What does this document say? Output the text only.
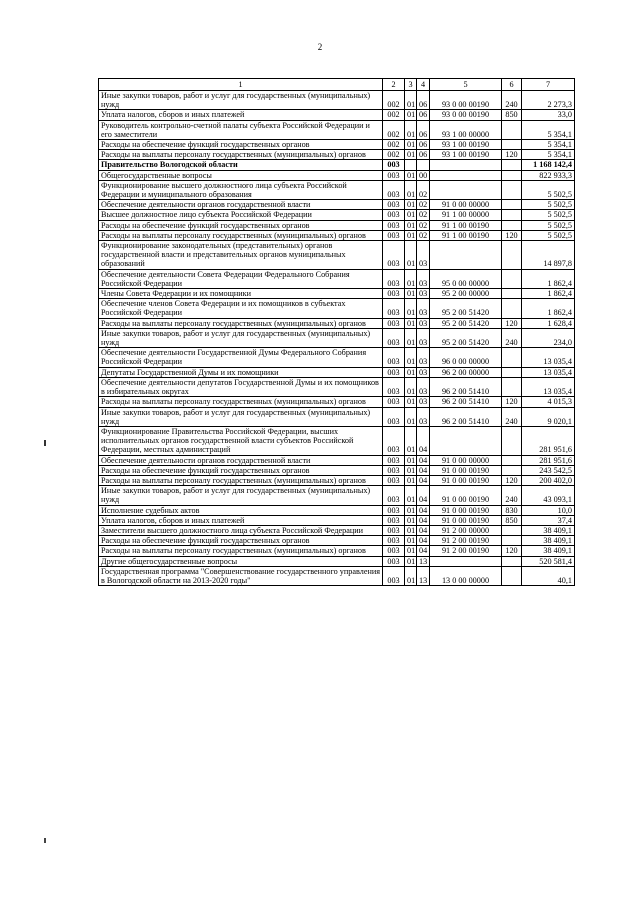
2
1	2	3	4	5	6	7
Иные закупки товаров, работ и услуг для государственных (муниципальных) нужд	002	01	06	93 0 00 00190	240	2 273,3
Уплата налогов, сборов и иных платежей	002	01	06	93 0 00 00190	850	33,0
Руководитель контрольно-счетной палаты субъекта Российской Федерации и его заместители	002	01	06	93 1 00 00000		5 354,1
Расходы на обеспечение функций государственных органов	002	01	06	93 1 00 00190		5 354,1
Расходы на выплаты персоналу государственных (муниципальных) органов	002	01	06	93 1 00 00190	120	5 354,1
Правительство Вологодской области	003					1 168 142,4
Общегосударственные вопросы	003	01	00			822 933,3
Функционирование высшего должностного лица субъекта Российской Федерации и муниципального образования	003	01	02			5 502,5
Обеспечение деятельности органов государственной власти	003	01	02	91 0 00 00000		5 502,5
Высшее должностное лицо субъекта Российской Федерации	003	01	02	91 1 00 00000		5 502,5
Расходы на обеспечение функций государственных органов	003	01	02	91 1 00 00190		5 502,5
Расходы на выплаты персоналу государственных (муниципальных) органов	003	01	02	91 1 00 00190	120	5 502,5
Функционирование законодательных (представительных) органов государственной власти и представительных органов муниципальных образований	003	01	03			14 897,8
Обеспечение деятельности Совета Федерации Федерального Собрания Российской Федерации	003	01	03	95 0 00 00000		1 862,4
Члены Совета Федерации и их помощники	003	01	03	95 2 00 00000		1 862,4
Обеспечение членов Совета Федерации и их помощников в субъектах Российской Федерации	003	01	03	95 2 00 51420		1 862,4
Расходы на выплаты персоналу государственных (муниципальных) органов	003	01	03	95 2 00 51420	120	1 628,4
Иные закупки товаров, работ и услуг для государственных (муниципальных) нужд	003	01	03	95 2 00 51420	240	234,0
Обеспечение деятельности Государственной Думы Федерального Собрания Российской Федерации	003	01	03	96 0 00 00000		13 035,4
Депутаты Государственной Думы и их помощники	003	01	03	96 2 00 00000		13 035,4
Обеспечение деятельности депутатов Государственной Думы и их помощников в избирательных округах	003	01	03	96 2 00 51410		13 035,4
Расходы на выплаты персоналу государственных (муниципальных) органов	003	01	03	96 2 00 51410	120	4 015,3
Иные закупки товаров, работ и услуг для государственных (муниципальных) нужд	003	01	03	96 2 00 51410	240	9 020,1
Функционирование Правительства Российской Федерации, высших исполнительных органов государственной власти субъектов Российской Федерации, местных администраций	003	01	04			281 951,6
Обеспечение деятельности органов государственной власти	003	01	04	91 0 00 00000		281 951,6
Расходы на обеспечение функций государственных органов	003	01	04	91 0 00 00190		243 542,5
Расходы на выплаты персоналу государственных (муниципальных) органов	003	01	04	91 0 00 00190	120	200 402,0
Иные закупки товаров, работ и услуг для государственных (муниципальных) нужд	003	01	04	91 0 00 00190	240	43 093,1
Исполнение судебных актов	003	01	04	91 0 00 00190	830	10,0
Уплата налогов, сборов и иных платежей	003	01	04	91 0 00 00190	850	37,4
Заместители высшего должностного лица субъекта Российской Федерации	003	01	04	91 2 00 00000		38 409,1
Расходы на обеспечение функций государственных органов	003	01	04	91 2 00 00190		38 409,1
Расходы на выплаты персоналу государственных (муниципальных) органов	003	01	04	91 2 00 00190	120	38 409,1
Другие общегосударственные вопросы	003	01	13			520 581,4
Государственная программа "Совершенствование государственного управления в Вологодской области на 2013-2020 годы"	003	01	13	13 0 00 00000		40,1
